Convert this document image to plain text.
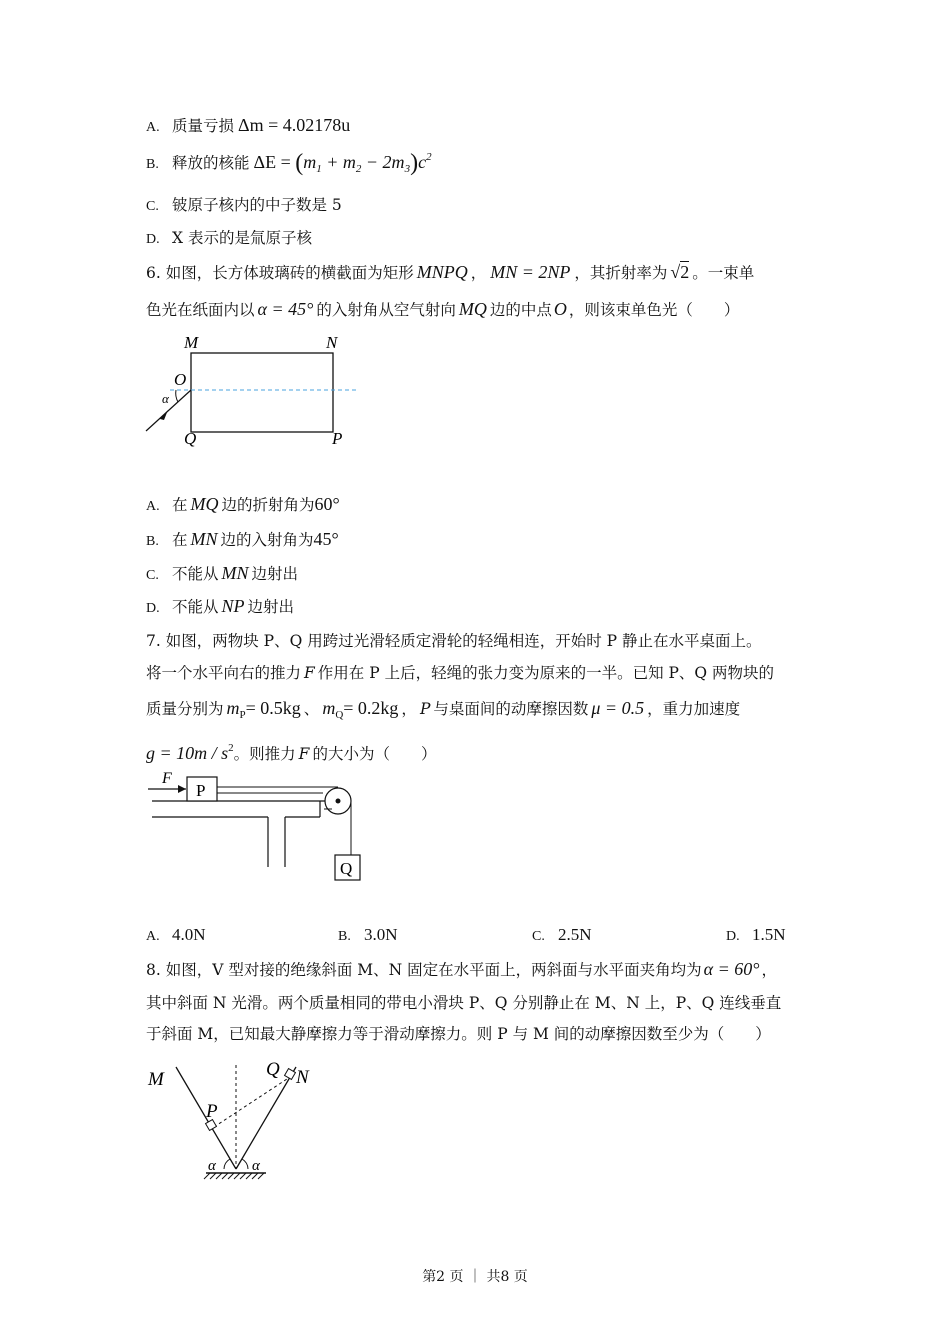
A. 质量亏损 Δm = 4.02178u
B. 释放的核能 $\Delta E = (m_1 + m_2 - 2m_3)c^2$
C. 铍原子核内的中子数是 5
D. X 表示的是氚原子核
6. 如图，长方体玻璃砖的横截面为矩形 MNPQ ， MN = 2NP ，其折射率为 √2 。一束单
色光在纸面内以 α = 45° 的入射角从空气射向 MQ 边的中点 O ，则该束单色光（　　）
M	N
O
α
Q	P
A. 在 MQ 边的折射角为60°
B. 在 MN 边的入射角为45°
C. 不能从 MN 边射出
D. 不能从 NP 边射出
7. 如图，两物块 P、Q 用跨过光滑轻质定滑轮的轻绳相连，开始时 P 静止在水平桌面上。
将一个水平向右的推力 F 作用在 P 上后，轻绳的张力变为原来的一半。已知 P、Q 两物块的
质量分别为 $m_P= 0.5kg$ 、 $m_Q= 0.2kg$ ， P 与桌面间的动摩擦因数 μ = 0.5 ，重力加速度
$g = 10m / s^2$。则推力 F 的大小为（　　）
P
F
Q
A. 4.0N	B. 3.0N	C. 2.5N	D. 1.5N
8. 如图，V 型对接的绝缘斜面 M、N 固定在水平面上，两斜面与水平面夹角均为 α = 60° ，
其中斜面 N 光滑。两个质量相同的带电小滑块 P、Q 分别静止在 M、N 上，P、Q 连线垂直
于斜面 M，已知最大静摩擦力等于滑动摩擦力。则 P 与 M 间的动摩擦因数至少为（　　）
M	N
P
Q
α α
第2 页 ｜ 共8 页
